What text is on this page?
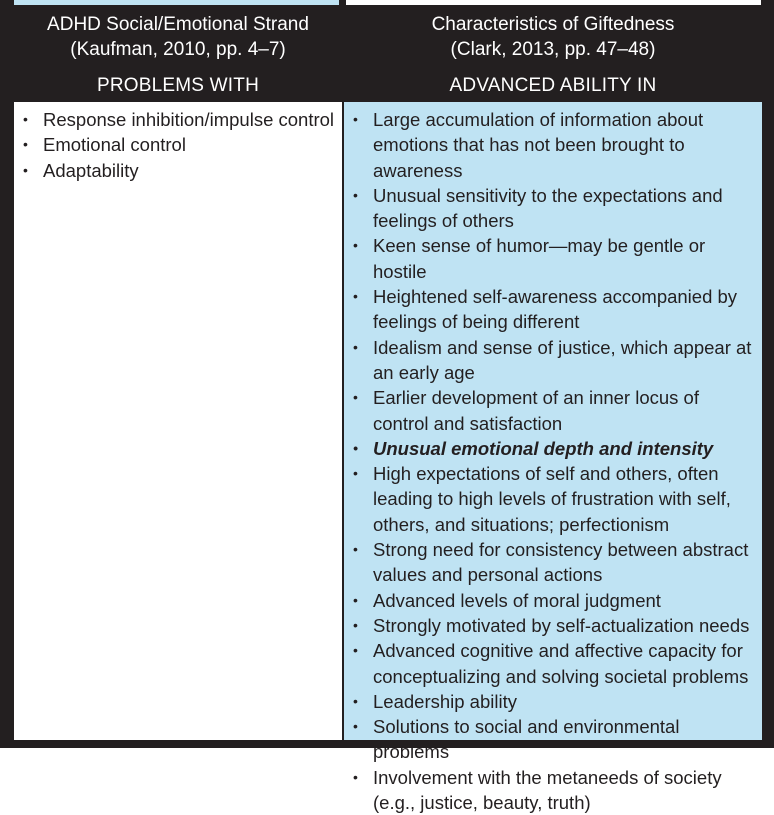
ADHD Social/Emotional Strand
(Kaufman, 2010, pp. 4–7)
PROBLEMS WITH
Characteristics of Giftedness
(Clark, 2013, pp. 47–48)
ADVANCED ABILITY IN
• Response inhibition/impulse control
• Emotional control
• Adaptability
• Large accumulation of information about emotions that has not been brought to awareness
• Unusual sensitivity to the expectations and feelings of others
• Keen sense of humor—may be gentle or hostile
• Heightened self-awareness accompanied by feelings of being different
• Idealism and sense of justice, which appear at an early age
• Earlier development of an inner locus of control and satisfaction
• Unusual emotional depth and intensity
• High expectations of self and others, often leading to high levels of frustration with self, others, and situations; perfectionism
• Strong need for consistency between abstract values and personal actions
• Advanced levels of moral judgment
• Strongly motivated by self-actualization needs
• Advanced cognitive and affective capacity for conceptualizing and solving societal problems
• Leadership ability
• Solutions to social and environmental problems
• Involvement with the metaneeds of society (e.g., justice, beauty, truth)
